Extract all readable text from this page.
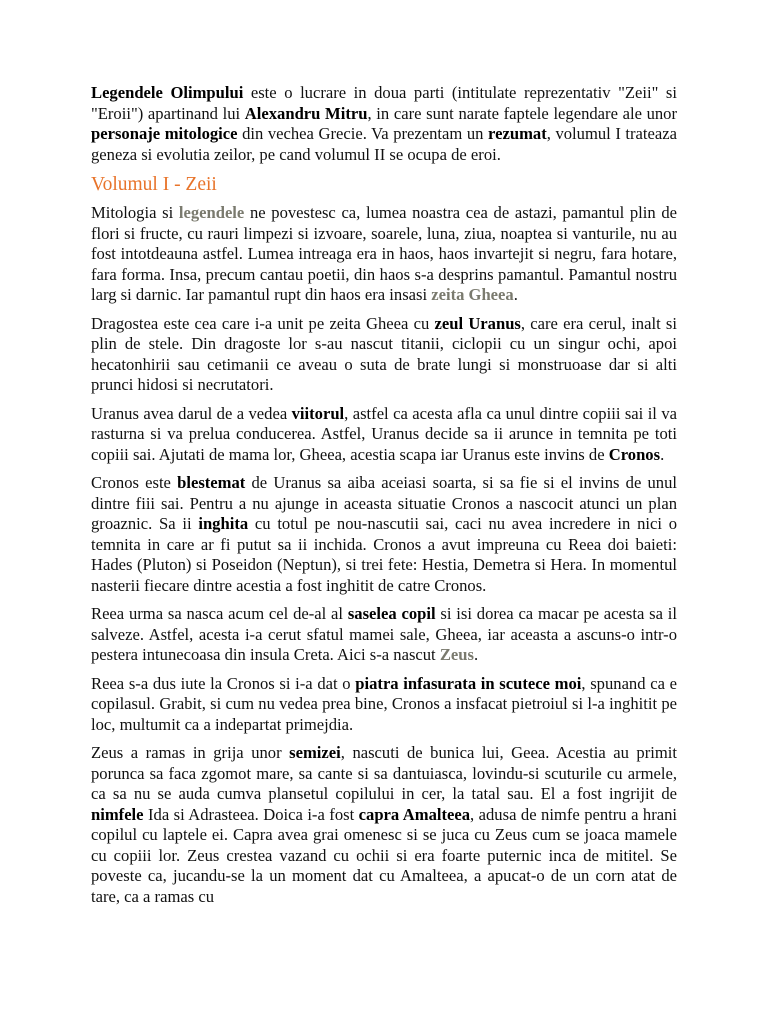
Legendele Olimpului este o lucrare in doua parti (intitulate reprezentativ "Zeii" si "Eroii") apartinand lui Alexandru Mitru, in care sunt narate faptele legendare ale unor personaje mitologice din vechea Grecie. Va prezentam un rezumat, volumul I trateaza geneza si evolutia zeilor, pe cand volumul II se ocupa de eroi.

Volumul I - Zeii

Mitologia si legendele ne povestesc ca, lumea noastra cea de astazi, pamantul plin de flori si fructe, cu rauri limpezi si izvoare, soarele, luna, ziua, noaptea si vanturile, nu au fost intotdeauna astfel. Lumea intreaga era in haos, haos invartejit si negru, fara hotare, fara forma. Insa, precum cantau poetii, din haos s-a desprins pamantul. Pamantul nostru larg si darnic. Iar pamantul rupt din haos era insasi zeita Gheea.

Dragostea este cea care i-a unit pe zeita Gheea cu zeul Uranus, care era cerul, inalt si plin de stele. Din dragoste lor s-au nascut titanii, ciclopii cu un singur ochi, apoi hecatonhirii sau cetimanii ce aveau o suta de brate lungi si monstruoase dar si alti prunci hidosi si necrutatori.

Uranus avea darul de a vedea viitorul, astfel ca acesta afla ca unul dintre copiii sai il va rasturna si va prelua conducerea. Astfel, Uranus decide sa ii arunce in temnita pe toti copiii sai. Ajutati de mama lor, Gheea, acestia scapa iar Uranus este invins de Cronos.

Cronos este blestemat de Uranus sa aiba aceiasi soarta, si sa fie si el invins de unul dintre fiii sai. Pentru a nu ajunge in aceasta situatie Cronos a nascocit atunci un plan groaznic. Sa ii inghita cu totul pe nou-nascutii sai, caci nu avea incredere in nici o temnita in care ar fi putut sa ii inchida. Cronos a avut impreuna cu Reea doi baieti: Hades (Pluton) si Poseidon (Neptun), si trei fete: Hestia, Demetra si Hera. In momentul nasterii fiecare dintre acestia a fost inghitit de catre Cronos.

Reea urma sa nasca acum cel de-al al saselea copil si isi dorea ca macar pe acesta sa il salveze. Astfel, acesta i-a cerut sfatul mamei sale, Gheea, iar aceasta a ascuns-o intr-o pestera intunecoasa din insula Creta. Aici s-a nascut Zeus.

Reea s-a dus iute la Cronos si i-a dat o piatra infasurata in scutece moi, spunand ca e copilasul. Grabit, si cum nu vedea prea bine, Cronos a insfacat pietroiul si l-a inghitit pe loc, multumit ca a indepartat primejdia.

Zeus a ramas in grija unor semizei, nascuti de bunica lui, Geea. Acestia au primit porunca sa faca zgomot mare, sa cante si sa dantuiasca, lovindu-si scuturile cu armele, ca sa nu se auda cumva plansetul copilului in cer, la tatal sau. El a fost ingrijit de nimfele Ida si Adrasteea. Doica i-a fost capra Amalteea, adusa de nimfe pentru a hrani copilul cu laptele ei. Capra avea grai omenesc si se juca cu Zeus cum se joaca mamele cu copiii lor. Zeus crestea vazand cu ochii si era foarte puternic inca de mititel. Se poveste ca, jucandu-se la un moment dat cu Amalteea, a apucat-o de un corn atat de tare, ca a ramas cu
